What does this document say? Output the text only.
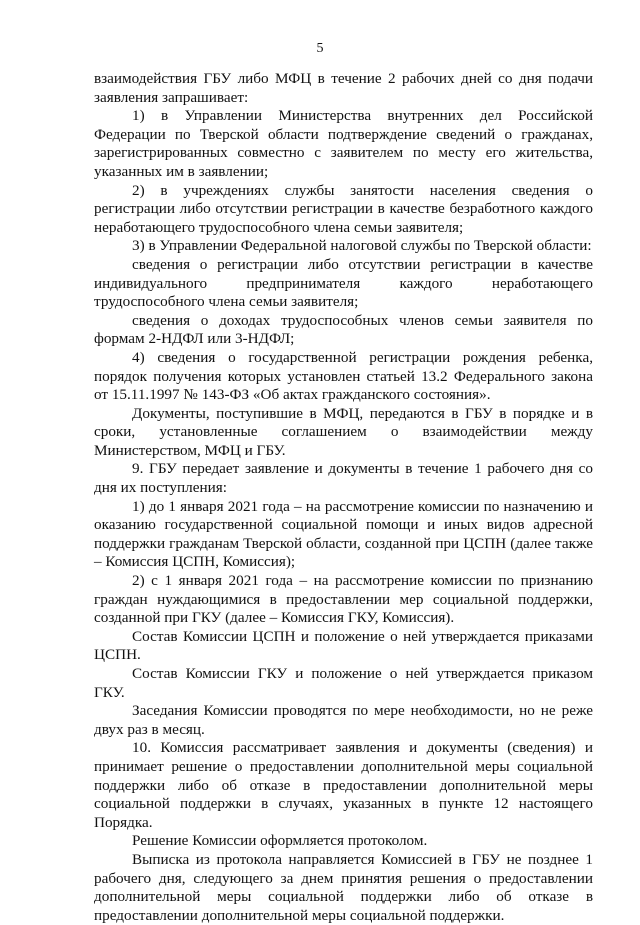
5

взаимодействия ГБУ либо МФЦ в течение 2 рабочих дней со дня подачи заявления запрашивает:

1) в Управлении Министерства внутренних дел Российской Федерации по Тверской области подтверждение сведений о гражданах, зарегистрированных совместно с заявителем по месту его жительства, указанных им в заявлении;

2) в учреждениях службы занятости населения сведения о регистрации либо отсутствии регистрации в качестве безработного каждого неработающего трудоспособного члена семьи заявителя;

3) в Управлении Федеральной налоговой службы по Тверской области:

сведения о регистрации либо отсутствии регистрации в качестве индивидуального предпринимателя каждого неработающего трудоспособного члена семьи заявителя;

сведения о доходах трудоспособных членов семьи заявителя по формам 2-НДФЛ или 3-НДФЛ;

4) сведения о государственной регистрации рождения ребенка, порядок получения которых установлен статьей 13.2 Федерального закона от 15.11.1997 № 143-ФЗ «Об актах гражданского состояния».

Документы, поступившие в МФЦ, передаются в ГБУ в порядке и в сроки, установленные соглашением о взаимодействии между Министерством, МФЦ и ГБУ.

9. ГБУ передает заявление и документы в течение 1 рабочего дня со дня их поступления:

1) до 1 января 2021 года – на рассмотрение комиссии по назначению и оказанию государственной социальной помощи и иных видов адресной поддержки гражданам Тверской области, созданной при ЦСПН (далее также – Комиссия ЦСПН, Комиссия);

2) с 1 января 2021 года – на рассмотрение комиссии по признанию граждан нуждающимися в предоставлении мер социальной поддержки, созданной при ГКУ (далее – Комиссия ГКУ, Комиссия).

Состав Комиссии ЦСПН и положение о ней утверждается приказами ЦСПН.

Состав Комиссии ГКУ и положение о ней утверждается приказом ГКУ.

Заседания Комиссии проводятся по мере необходимости, но не реже двух раз в месяц.

10. Комиссия рассматривает заявления и документы (сведения) и принимает решение о предоставлении дополнительной меры социальной поддержки либо об отказе в предоставлении дополнительной меры социальной поддержки в случаях, указанных в пункте 12 настоящего Порядка.

Решение Комиссии оформляется протоколом.

Выписка из протокола направляется Комиссией в ГБУ не позднее 1 рабочего дня, следующего за днем принятия решения о предоставлении дополнительной меры социальной поддержки либо об отказе в предоставлении дополнительной меры социальной поддержки.
